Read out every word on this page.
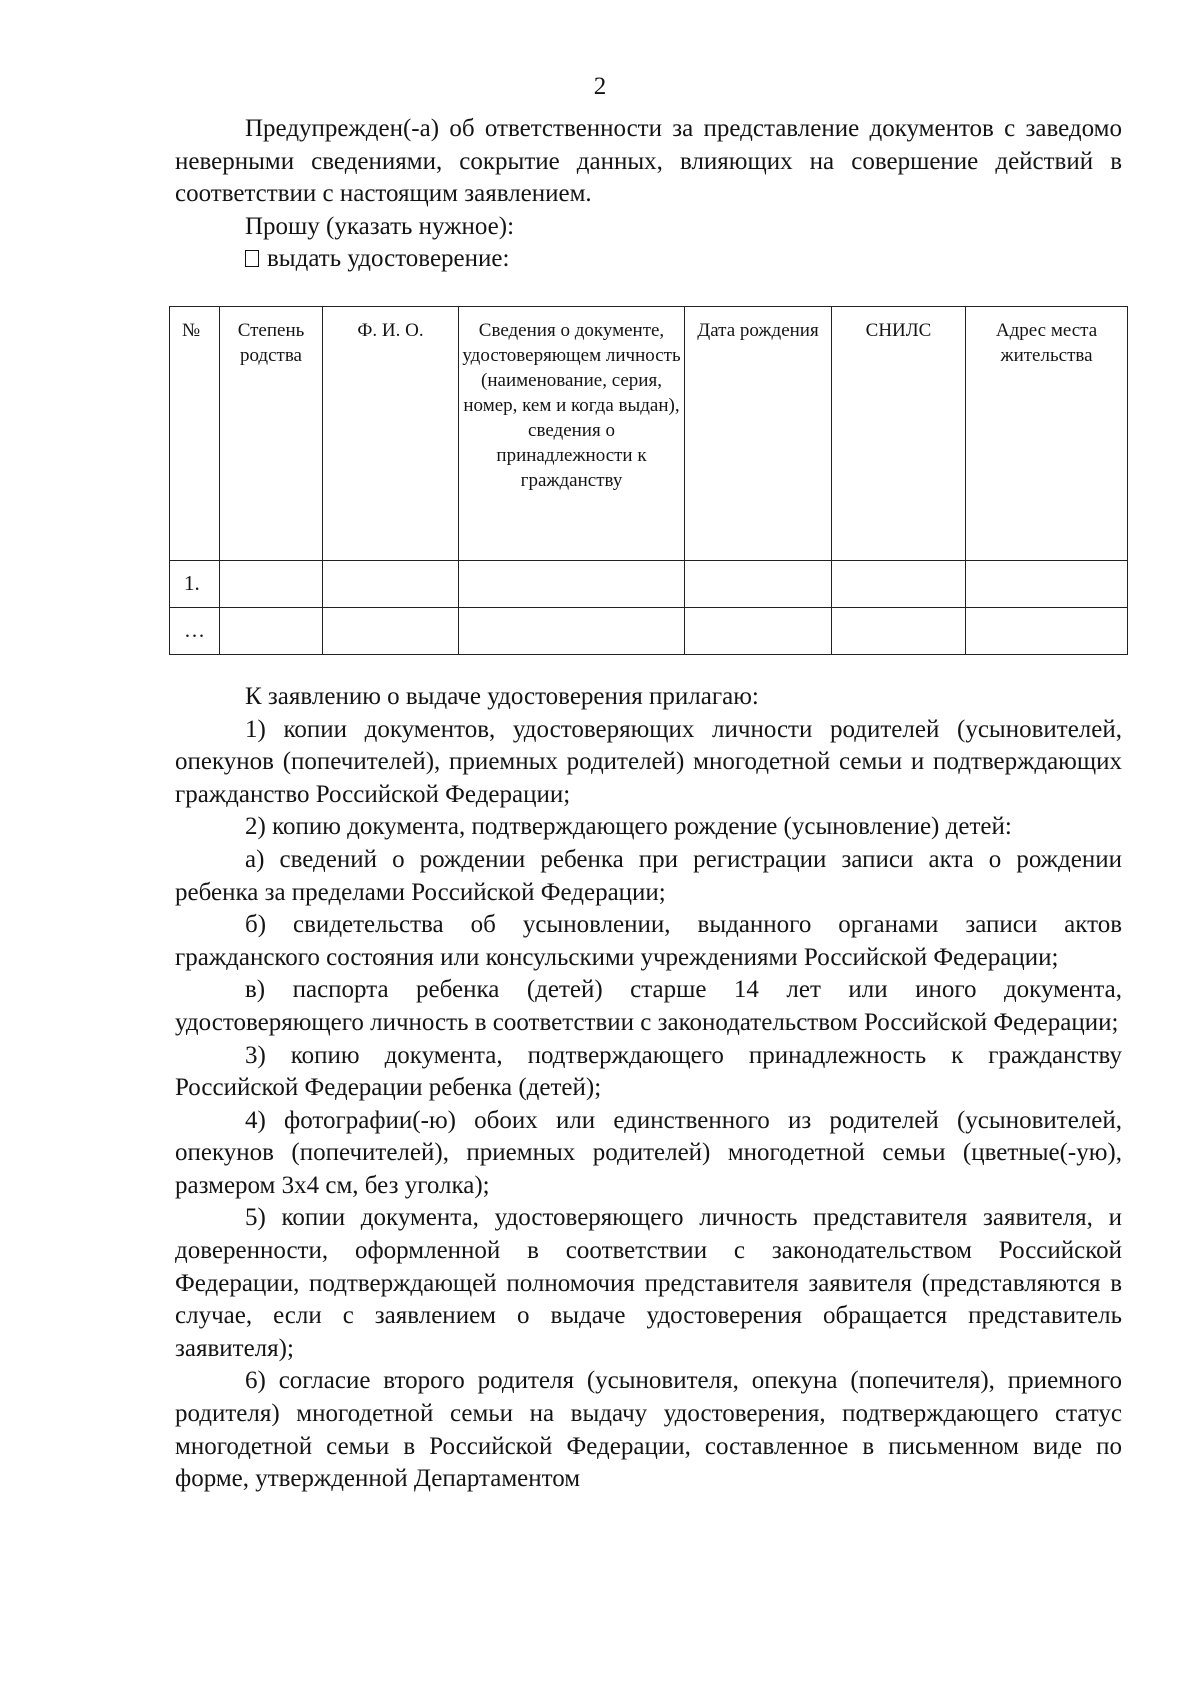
2

Предупрежден(-а) об ответственности за представление документов с заведомо неверными сведениями, сокрытие данных, влияющих на совершение действий в соответствии с настоящим заявлением.

Прошу (указать нужное):

выдать удостоверение:

№	Степень родства	Ф. И. О.	Сведения о документе, удостоверяющем личность (наименование, серия, номер, кем и когда выдан), сведения о принадлежности к гражданству	Дата рождения	СНИЛС	Адрес места жительства
1.						
…						

К заявлению о выдаче удостоверения прилагаю:

1) копии документов, удостоверяющих личности родителей (усыновителей, опекунов (попечителей), приемных родителей) многодетной семьи и подтверждающих гражданство Российской Федерации;

2) копию документа, подтверждающего рождение (усыновление) детей:

а) сведений о рождении ребенка при регистрации записи акта о рождении ребенка за пределами Российской Федерации;

б) свидетельства об усыновлении, выданного органами записи актов гражданского состояния или консульскими учреждениями Российской Федерации;

в) паспорта ребенка (детей) старше 14 лет или иного документа, удостоверяющего личность в соответствии с законодательством Российской Федерации;

3) копию документа, подтверждающего принадлежность к гражданству Российской Федерации ребенка (детей);

4) фотографии(-ю) обоих или единственного из родителей (усыновителей, опекунов (попечителей), приемных родителей) многодетной семьи (цветные(-ую), размером 3х4 см, без уголка);

5) копии документа, удостоверяющего личность представителя заявителя, и доверенности, оформленной в соответствии с законодательством Российской Федерации, подтверждающей полномочия представителя заявителя (представляются в случае, если с заявлением о выдаче удостоверения обращается представитель заявителя);

6) согласие второго родителя (усыновителя, опекуна (попечителя), приемного родителя) многодетной семьи на выдачу удостоверения, подтверждающего статус многодетной семьи в Российской Федерации, составленное в письменном виде по форме, утвержденной Департаментом
